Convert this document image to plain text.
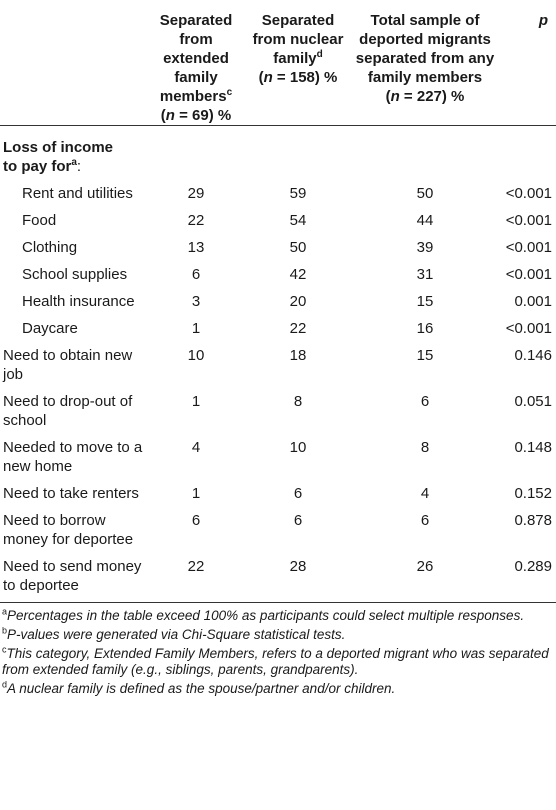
	Separated
from extended
family
members$^c$
(n = 69) %	Separated
from nuclear
family$^d$
(n = 158) %	Total sample of
deported migrants
separated from any
family members
(n = 227) %	p
Loss of income
to pay for$^a$:				
Rent and utilities	29	59	50	<0.001
Food	22	54	44	<0.001
Clothing	13	50	39	<0.001
School supplies	6	42	31	<0.001
Health insurance	3	20	15	0.001
Daycare	1	22	16	<0.001
Need to obtain new job	10	18	15	0.146
Need to drop-out of school	1	8	6	0.051
Needed to move to a new home	4	10	8	0.148
Need to take renters	1	6	4	0.152
Need to borrow money for deportee	6	6	6	0.878
Need to send money to deportee	22	28	26	0.289
$^a$Percentages in the table exceed 100% as participants could select multiple responses.
$^b$P-values were generated via Chi-Square statistical tests.
$^c$This category, Extended Family Members, refers to a deported migrant who was separated from extended family (e.g., siblings, parents, grandparents).
$^d$A nuclear family is defined as the spouse/partner and/or children.
